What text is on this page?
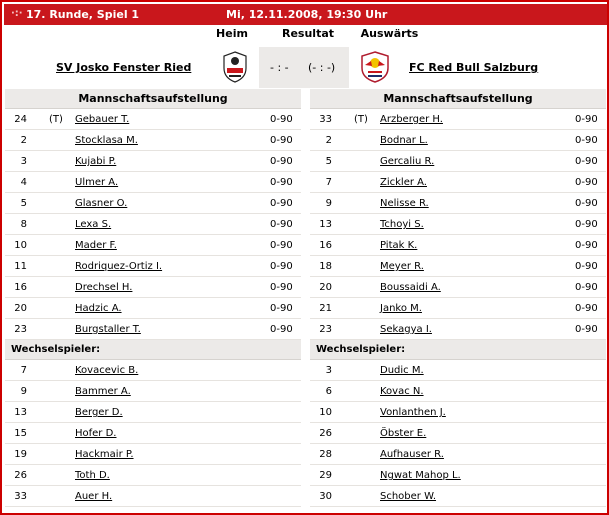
·:· 17. Runde, Spiel 1	Mi, 12.11.2008, 19:30 Uhr
Heim	Resultat	Auswärts
SV Josko Fenster Ried	- : - (- : -)	FC Red Bull Salzburg
Mannschaftsaufstellung
24 (T) Gebauer T.	0-90
2	Stocklasa M.	0-90
3	Kujabi P.	0-90
4	Ulmer A.	0-90
5	Glasner O.	0-90
8	Lexa S.	0-90
10	Mader F.	0-90
11	Rodriquez-Ortiz I.	0-90
16	Drechsel H.	0-90
20	Hadzic A.	0-90
23	Burgstaller T.	0-90
Wechselspieler:
7	Kovacevic B.
9	Bammer A.
13	Berger D.
15	Hofer D.
19	Hackmair P.
26	Toth D.
33	Auer H.
Mannschaftsaufstellung
33 (T) Arzberger H.	0-90
2	Bodnar L.	0-90
5	Gercaliu R.	0-90
7	Zickler A.	0-90
9	Nelisse R.	0-90
13	Tchoyi S.	0-90
16	Pitak K.	0-90
18	Meyer R.	0-90
20	Boussaidi A.	0-90
21	Janko M.	0-90
23	Sekagya I.	0-90
Wechselspieler:
3	Dudic M.
6	Kovac N.
10	Vonlanthen J.
26	Öbster E.
28	Aufhauser R.
29	Ngwat Mahop L.
30	Schober W.
